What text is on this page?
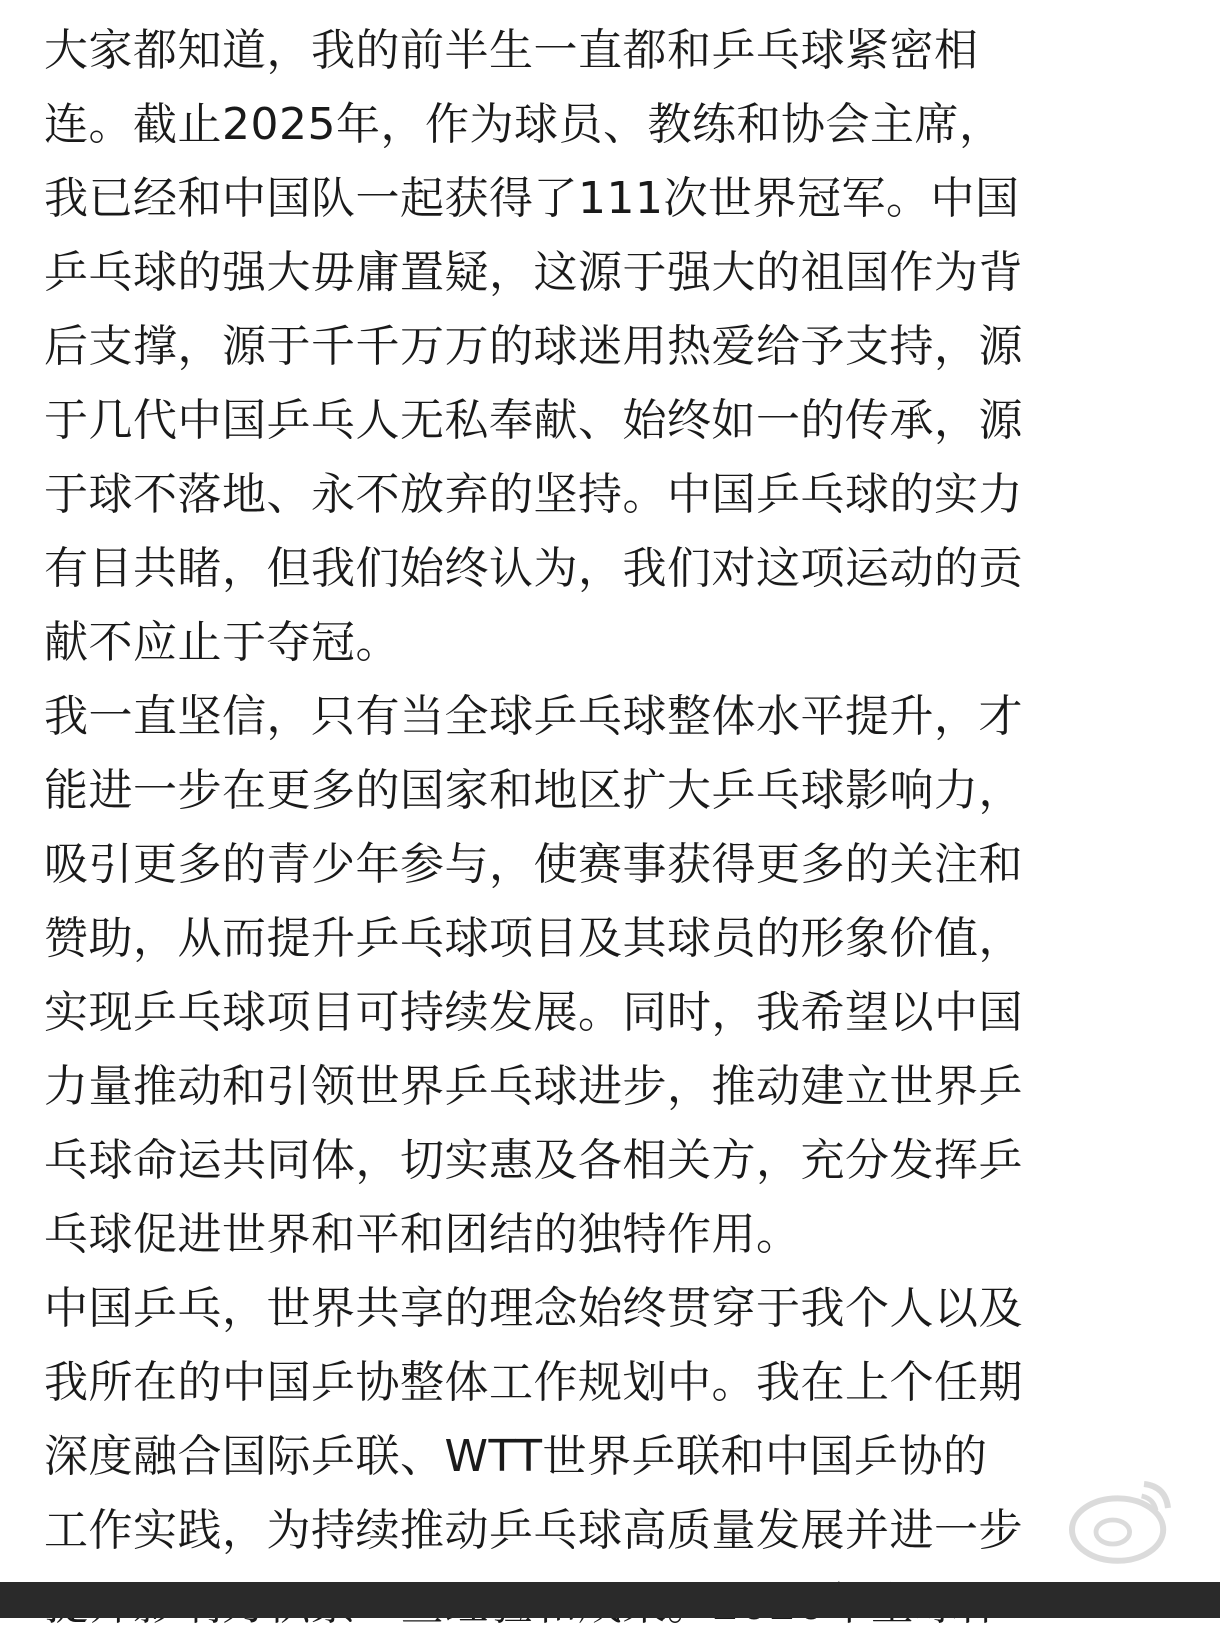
大家都知道，我的前半生一直都和乒乓球紧密相
连。截止2025年，作为球员、教练和协会主席，
我已经和中国队一起获得了111次世界冠军。中国
乒乓球的强大毋庸置疑，这源于强大的祖国作为背
后支撑，源于千千万万的球迷用热爱给予支持，源
于几代中国乒乓人无私奉献、始终如一的传承，源
于球不落地、永不放弃的坚持。中国乒乓球的实力
有目共睹，但我们始终认为，我们对这项运动的贡
献不应止于夺冠。
我一直坚信，只有当全球乒乓球整体水平提升，才
能进一步在更多的国家和地区扩大乒乓球影响力，
吸引更多的青少年参与，使赛事获得更多的关注和
赞助，从而提升乒乓球项目及其球员的形象价值，
实现乒乓球项目可持续发展。同时，我希望以中国
力量推动和引领世界乒乓球进步，推动建立世界乒
乓球命运共同体，切实惠及各相关方，充分发挥乒
乓球促进世界和平和团结的独特作用。
中国乒乓，世界共享的理念始终贯穿于我个人以及
我所在的中国乒协整体工作规划中。我在上个任期
深度融合国际乒联、WTT世界乒联和中国乒协的
工作实践，为持续推动乒乓球高质量发展并进一步
